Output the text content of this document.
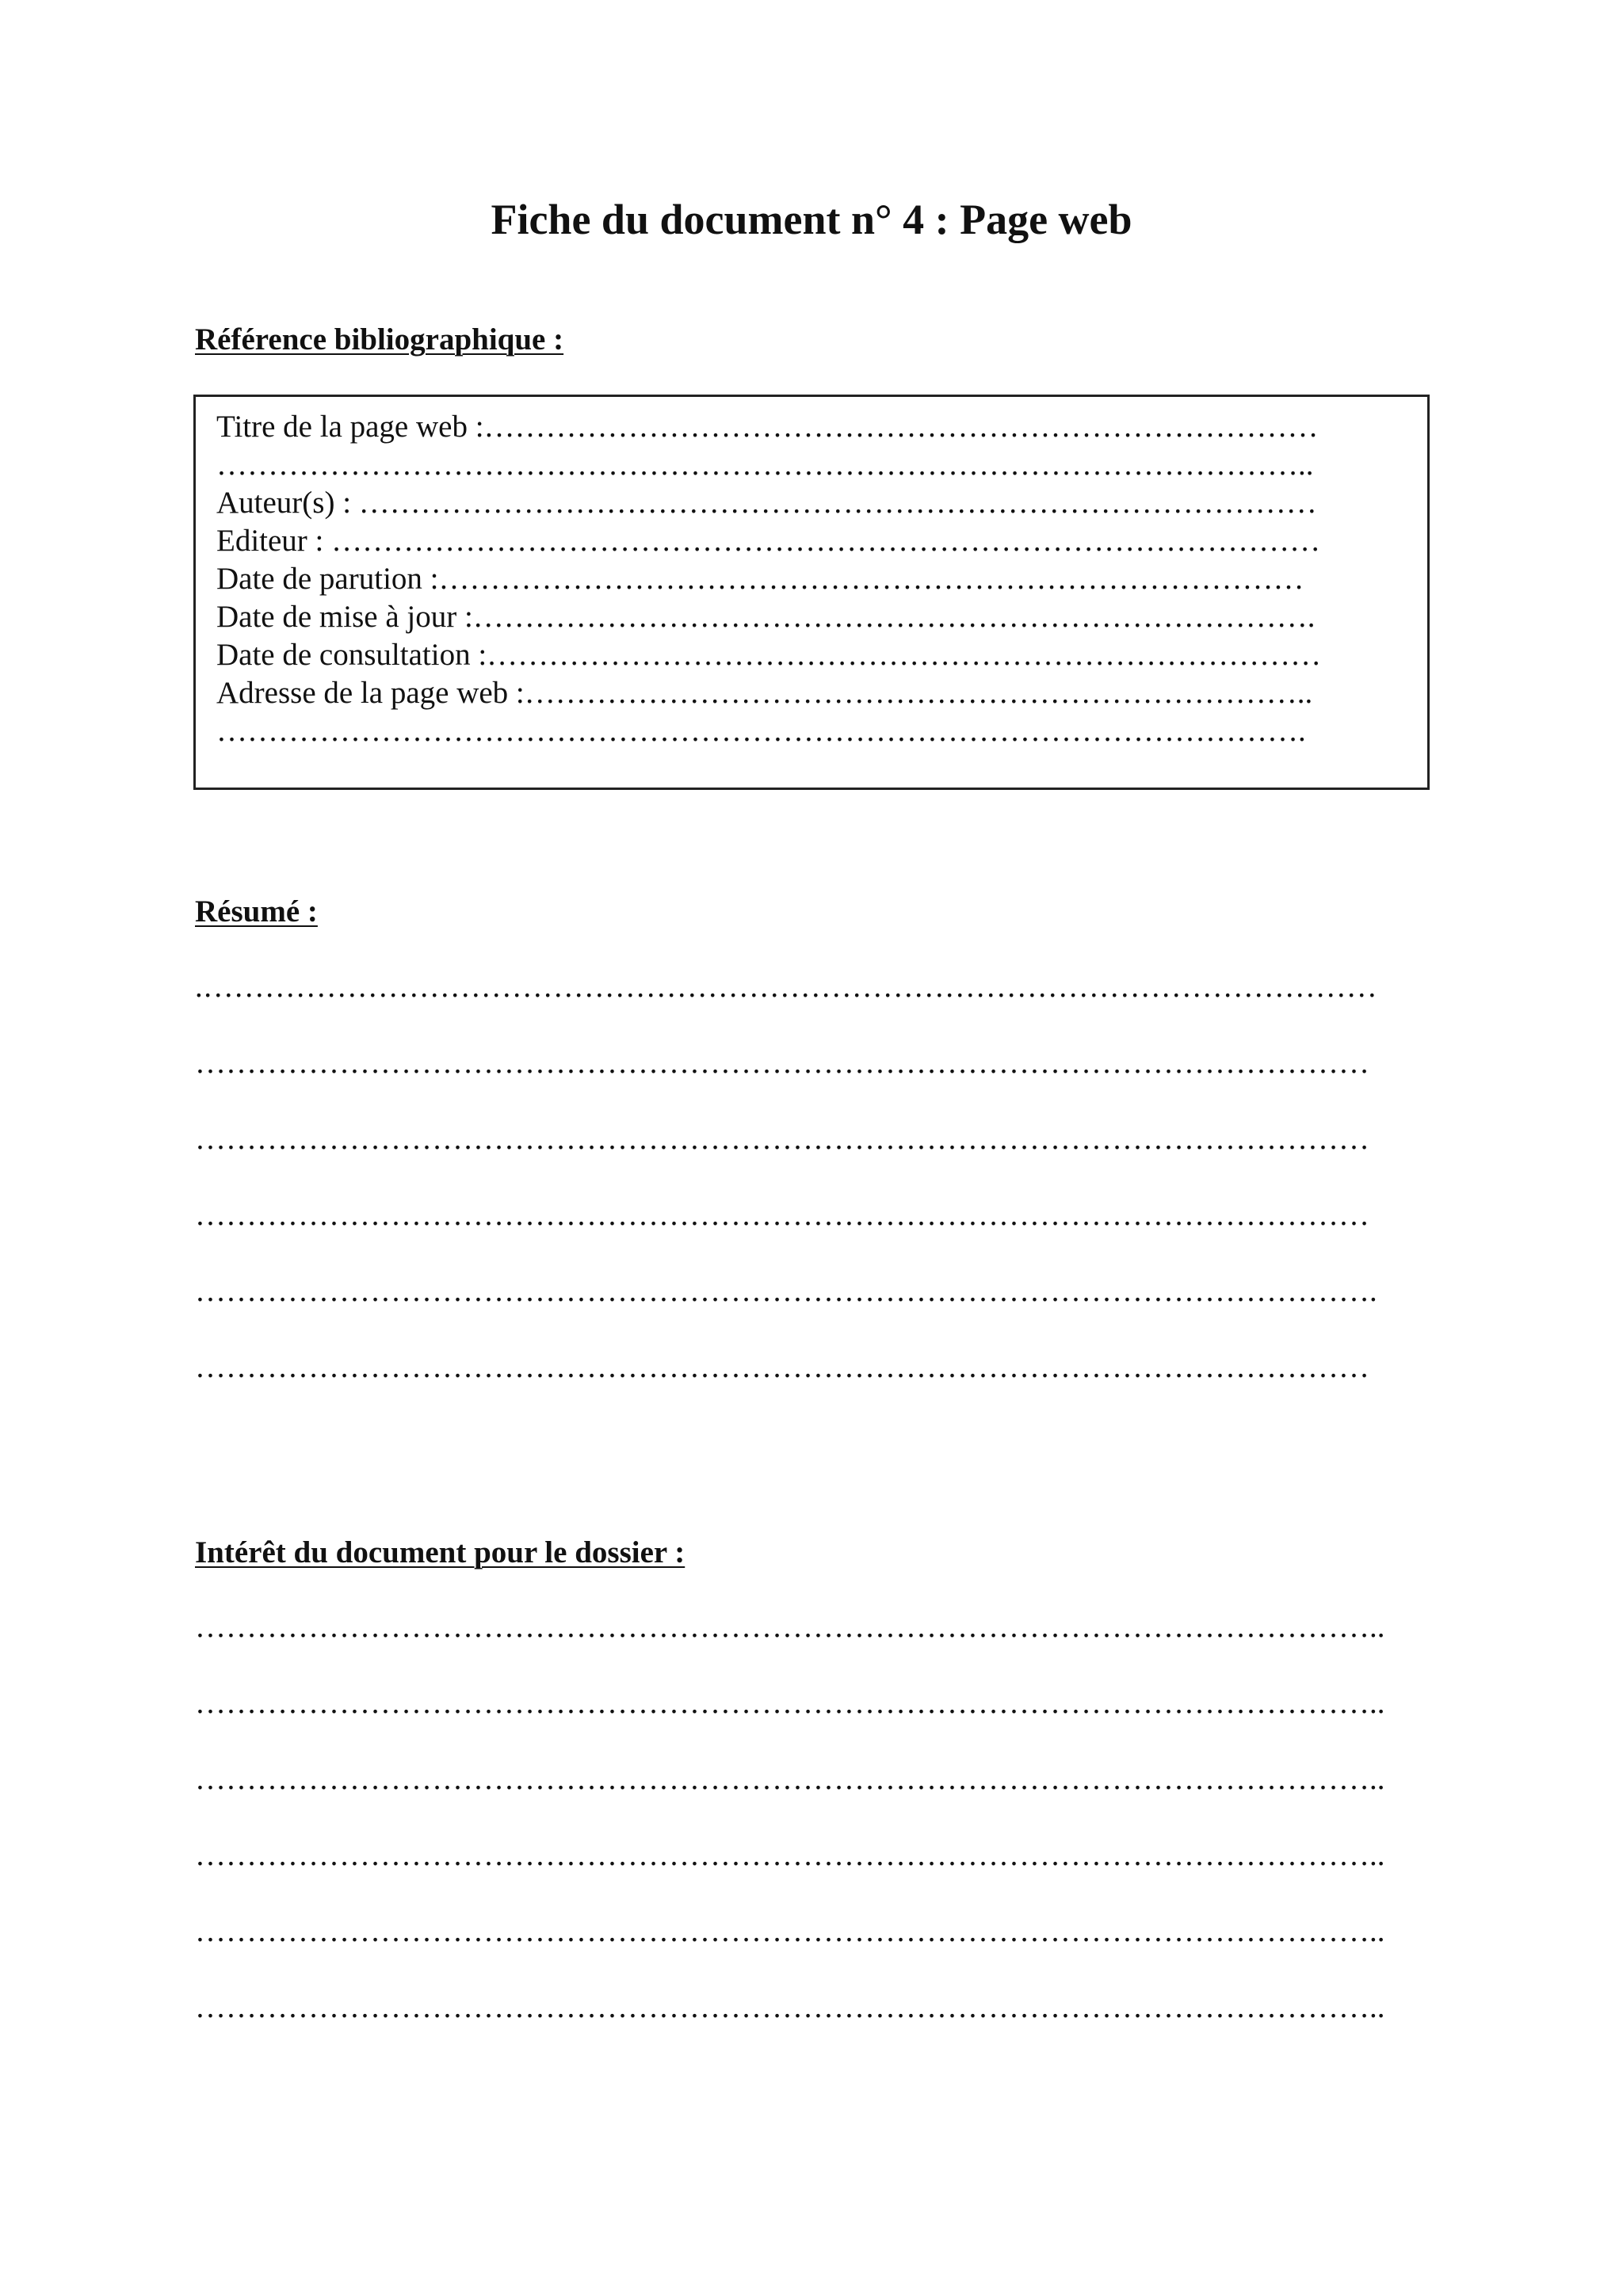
Fiche du document n° 4 : Page web
Référence bibliographique :
Titre de la page web :………………………………………………………………………
……………………………………………………………………………………………..
Auteur(s) : …………………………………………………………………………………
Editeur : ……………………………………………………………………………………
Date de parution :…………………………………………………………………………
Date de mise à jour :……………………………………………………………………….
Date de consultation :………………………………………………………………………
Adresse de la page web :…………………………………………………………………..
…………………………………………………………………………………………….
Résumé :
.……………………………………………………………………………………………………
……………………………………………………………………………………………………
……………………………………………………………………………………………………
……………………………………………………………………………………………………
…………………………………………………………………………………………………….
……………………………………………………………………………………………………
Intérêt du document pour le dossier :
……………………………………………………………………………………………………..
……………………………………………………………………………………………………..
……………………………………………………………………………………………………..
……………………………………………………………………………………………………..
……………………………………………………………………………………………………..
……………………………………………………………………………………………………..
